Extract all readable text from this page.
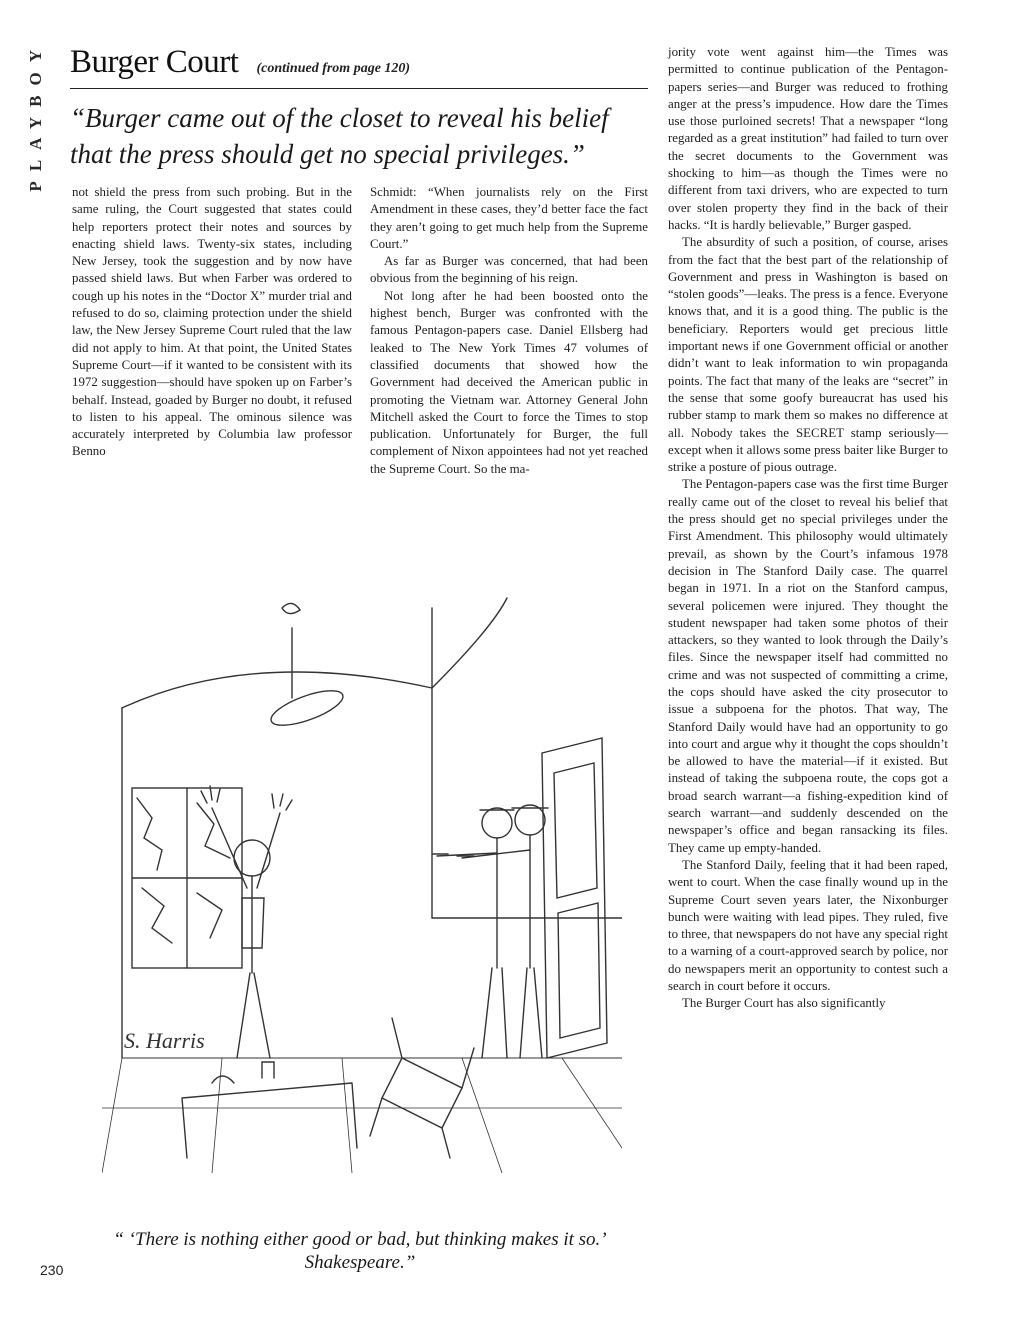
PLAYBOY Burger Court (continued from page 120)
“Burger came out of the closet to reveal his belief that the press should get no special privileges.”

not shield the press from such probing. But in the same ruling, the Court suggested that states could help reporters protect their notes and sources by enacting shield laws. Twenty-six states, including New Jersey, took the suggestion and by now have passed shield laws. But when Farber was ordered to cough up his notes in the “Doctor X” murder trial and refused to do so, claiming protection under the shield law, the New Jersey Supreme Court ruled that the law did not apply to him. At that point, the United States Supreme Court—if it wanted to be consistent with its 1972 suggestion—should have spoken up on Farber’s behalf. Instead, goaded by Burger no doubt, it refused to listen to his appeal. The ominous silence was accurately interpreted by Columbia law professor Benno

Schmidt: “When journalists rely on the First Amendment in these cases, they’d better face the fact they aren’t going to get much help from the Supreme Court.”

As far as Burger was concerned, that had been obvious from the beginning of his reign.

Not long after he had been boosted onto the highest bench, Burger was confronted with the famous Pentagon-papers case. Daniel Ellsberg had leaked to The New York Times 47 volumes of classified documents that showed how the Government had deceived the American public in promoting the Vietnam war. Attorney General John Mitchell asked the Court to force the Times to stop publication. Unfortunately for Burger, the full complement of Nixon appointees had not yet reached the Supreme Court. So the ma-

jority vote went against him—the Times was permitted to continue publication of the Pentagon-papers series—and Burger was reduced to frothing anger at the press’s impudence. How dare the Times use those purloined secrets! That a newspaper “long regarded as a great institution” had failed to turn over the secret documents to the Government was shocking to him—as though the Times were no different from taxi drivers, who are expected to turn over stolen property they find in the back of their hacks. “It is hardly believable,” Burger gasped.

The absurdity of such a position, of course, arises from the fact that the best part of the relationship of Government and press in Washington is based on “stolen goods”—leaks. The press is a fence. Everyone knows that, and it is a good thing. The public is the beneficiary. Reporters would get precious little important news if one Government official or another didn’t want to leak information to win propaganda points. The fact that many of the leaks are “secret” in the sense that some goofy bureaucrat has used his rubber stamp to mark them so makes no difference at all. Nobody takes the SECRET stamp seriously—except when it allows some press baiter like Burger to strike a posture of pious outrage.

The Pentagon-papers case was the first time Burger really came out of the closet to reveal his belief that the press should get no special privileges under the First Amendment. This philosophy would ultimately prevail, as shown by the Court’s infamous 1978 decision in The Stanford Daily case. The quarrel began in 1971. In a riot on the Stanford campus, several policemen were injured. They thought the student newspaper had taken some photos of their attackers, so they wanted to look through the Daily’s files. Since the newspaper itself had committed no crime and was not suspected of committing a crime, the cops should have asked the city prosecutor to issue a subpoena for the photos. That way, The Stanford Daily would have had an opportunity to go into court and argue why it thought the cops shouldn’t be allowed to have the material—if it existed. But instead of taking the subpoena route, the cops got a broad search warrant—a fishing-expedition kind of search warrant—and suddenly descended on the newspaper’s office and began ransacking its files. They came up empty-handed.

The Stanford Daily, feeling that it had been raped, went to court. When the case finally wound up in the Supreme Court seven years later, the Nixonburger bunch were waiting with lead pipes. They ruled, five to three, that newspapers do not have any special right to a warning of a court-approved search by police, nor do newspapers merit an opportunity to contest such a search in court before it occurs.

The Burger Court has also significantly

S. Harris
“ ‘There is nothing either good or bad, but thinking makes it so.’ Shakespeare.”
230
